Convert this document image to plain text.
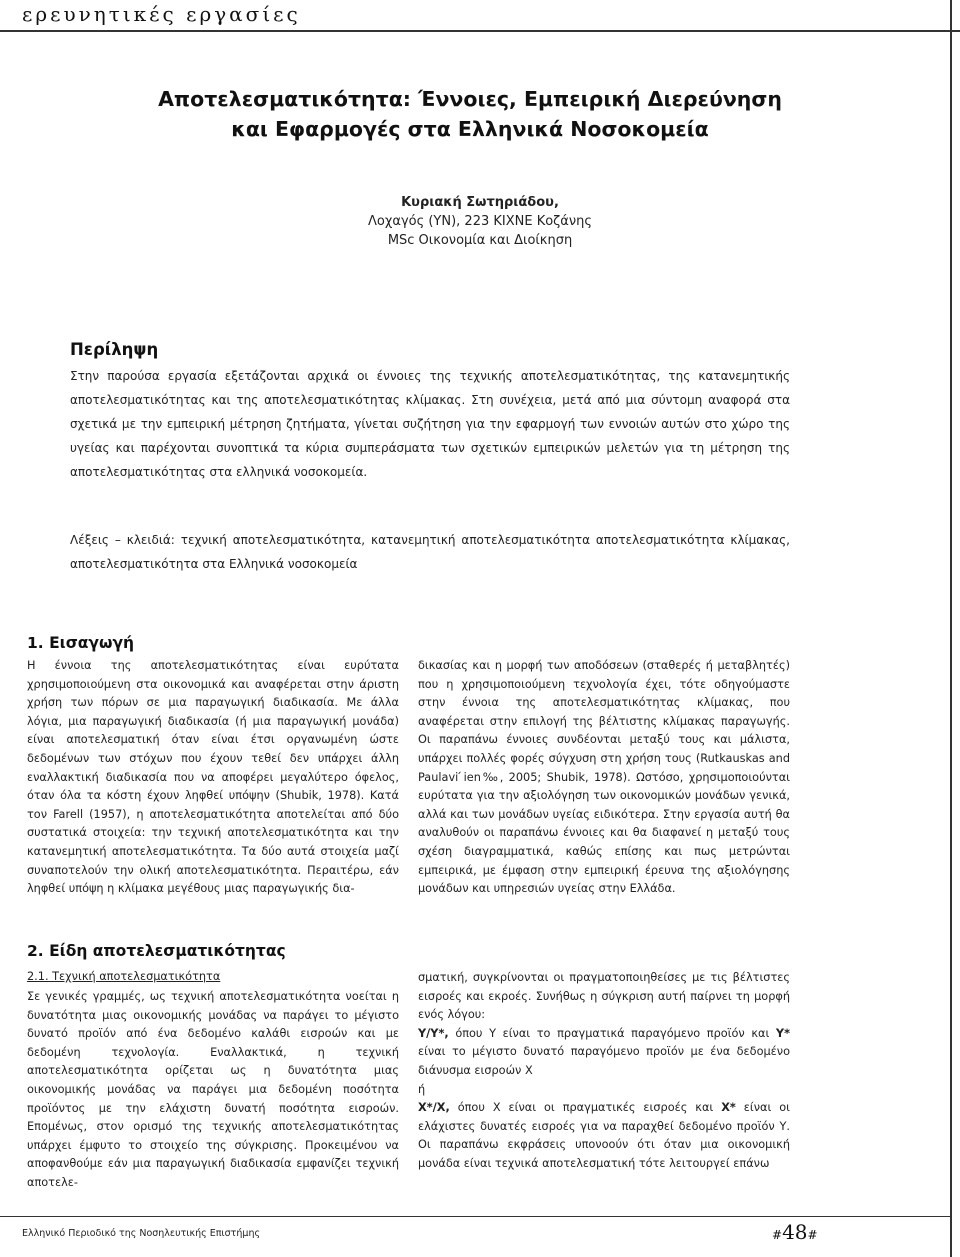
ερευνητικές εργασίες
Αποτελεσματικότητα: Έννοιες, Εμπειρική Διερεύνηση
και Εφαρμογές στα Ελληνικά Νοσοκομεία
Κυριακή Σωτηριάδου,
Λοχαγός (ΥΝ), 223 ΚΙΧΝΕ Κοζάνης
MSc Οικονομία και Διοίκηση
Περίληψη

Στην παρούσα εργασία εξετάζονται αρχικά οι έννοιες της τεχνικής αποτελεσματικότητας, της κατανεμητικής αποτελεσματικότητας και της αποτελεσματικότητας κλίμακας. Στη συνέχεια, μετά από μια σύντομη αναφορά στα σχετικά με την εμπειρική μέτρηση ζητήματα, γίνεται συζήτηση για την εφαρμογή των εννοιών αυτών στο χώρο της υγείας και παρέχονται συνοπτικά τα κύρια συμπεράσματα των σχετικών εμπειρικών μελετών για τη μέτρηση της αποτελεσματικότητας στα ελληνικά νοσοκομεία.

Λέξεις – κλειδιά: τεχνική αποτελεσματικότητα, κατανεμητική αποτελεσματικότητα αποτελεσματικότητα κλίμακας, αποτελεσματικότητα στα Ελληνικά νοσοκομεία

1. Εισαγωγή

Η έννοια της αποτελεσματικότητας είναι ευρύτατα χρησιμοποιούμενη στα οικονομικά και αναφέρεται στην άριστη χρήση των πόρων σε μια παραγωγική διαδικασία. Με άλλα λόγια, μια παραγωγική διαδικασία (ή μια παραγωγική μονάδα) είναι αποτελεσματική όταν είναι έτσι οργανωμένη ώστε δεδομένων των στόχων που έχουν τεθεί δεν υπάρχει άλλη εναλλακτική διαδικασία που να αποφέρει μεγαλύτερο όφελος, όταν όλα τα κόστη έχουν ληφθεί υπόψην (Shubik, 1978). Κατά τον Farell (1957), η αποτελεσματικότητα αποτελείται από δύο συστατικά στοιχεία: την τεχνική αποτελεσματικότητα και την κατανεμητική αποτελεσματικότητα. Τα δύο αυτά στοιχεία μαζί συναποτελούν την ολική αποτελεσματικότητα. Περαιτέρω, εάν ληφθεί υπόψη η κλίμακα μεγέθους μιας παραγωγικής δια-

δικασίας και η μορφή των αποδόσεων (σταθερές ή μεταβλητές) που η χρησιμοποιούμενη τεχνολογία έχει, τότε οδηγούμαστε στην έννοια της αποτελεσματικότητας κλίμακας, που αναφέρεται στην επιλογή της βέλτιστης κλίμακας παραγωγής. Οι παραπάνω έννοιες συνδέονται μεταξύ τους και μάλιστα, υπάρχει πολλές φορές σύγχυση στη χρήση τους (Rutkauskas and Paulavi ́ien‰, 2005; Shubik, 1978). Ωστόσο, χρησιμοποιούνται ευρύτατα για την αξιολόγηση των οικονομικών μονάδων γενικά, αλλά και των μονάδων υγείας ειδικότερα. Στην εργασία αυτή θα αναλυθούν οι παραπάνω έννοιες και θα διαφανεί η μεταξύ τους σχέση διαγραμματικά, καθώς επίσης και πως μετρώνται εμπειρικά, με έμφαση στην εμπειρική έρευνα της αξιολόγησης μονάδων και υπηρεσιών υγείας στην Ελλάδα.

2. Είδη αποτελεσματικότητας
2.1. Τεχνική αποτελεσματικότητα

Σε γενικές γραμμές, ως τεχνική αποτελεσματικότητα νοείται η δυνατότητα μιας οικονομικής μονάδας να παράγει το μέγιστο δυνατό προϊόν από ένα δεδομένο καλάθι εισροών και με δεδομένη τεχνολογία. Εναλλακτικά, η τεχνική αποτελεσματικότητα ορίζεται ως η δυνατότητα μιας οικονομικής μονάδας να παράγει μια δεδομένη ποσότητα προϊόντος με την ελάχιστη δυνατή ποσότητα εισροών. Επομένως, στον ορισμό της τεχνικής αποτελεσματικότητας υπάρχει έμφυτο το στοιχείο της σύγκρισης. Προκειμένου να αποφανθούμε εάν μια παραγωγική διαδικασία εμφανίζει τεχνική αποτελε-

σματική, συγκρίνονται οι πραγματοποιηθείσες με τις βέλτιστες εισροές και εκροές. Συνήθως η σύγκριση αυτή παίρνει τη μορφή ενός λόγου:

Υ/Υ*, όπου Υ είναι το πραγματικά παραγόμενο προϊόν και Υ* είναι το μέγιστο δυνατό παραγόμενο προϊόν με ένα δεδομένο διάνυσμα εισροών Χ

ή

Χ*/Χ, όπου Χ είναι οι πραγματικές εισροές και Χ* είναι οι ελάχιστες δυνατές εισροές για να παραχθεί δεδομένο προϊόν Υ. Οι παραπάνω εκφράσεις υπονοούν ότι όταν μια οικονομική μονάδα είναι τεχνικά αποτελεσματική τότε λειτουργεί επάνω

Ελληνικό Περιοδικό της Νοσηλευτικής Επιστήμης	#48#
